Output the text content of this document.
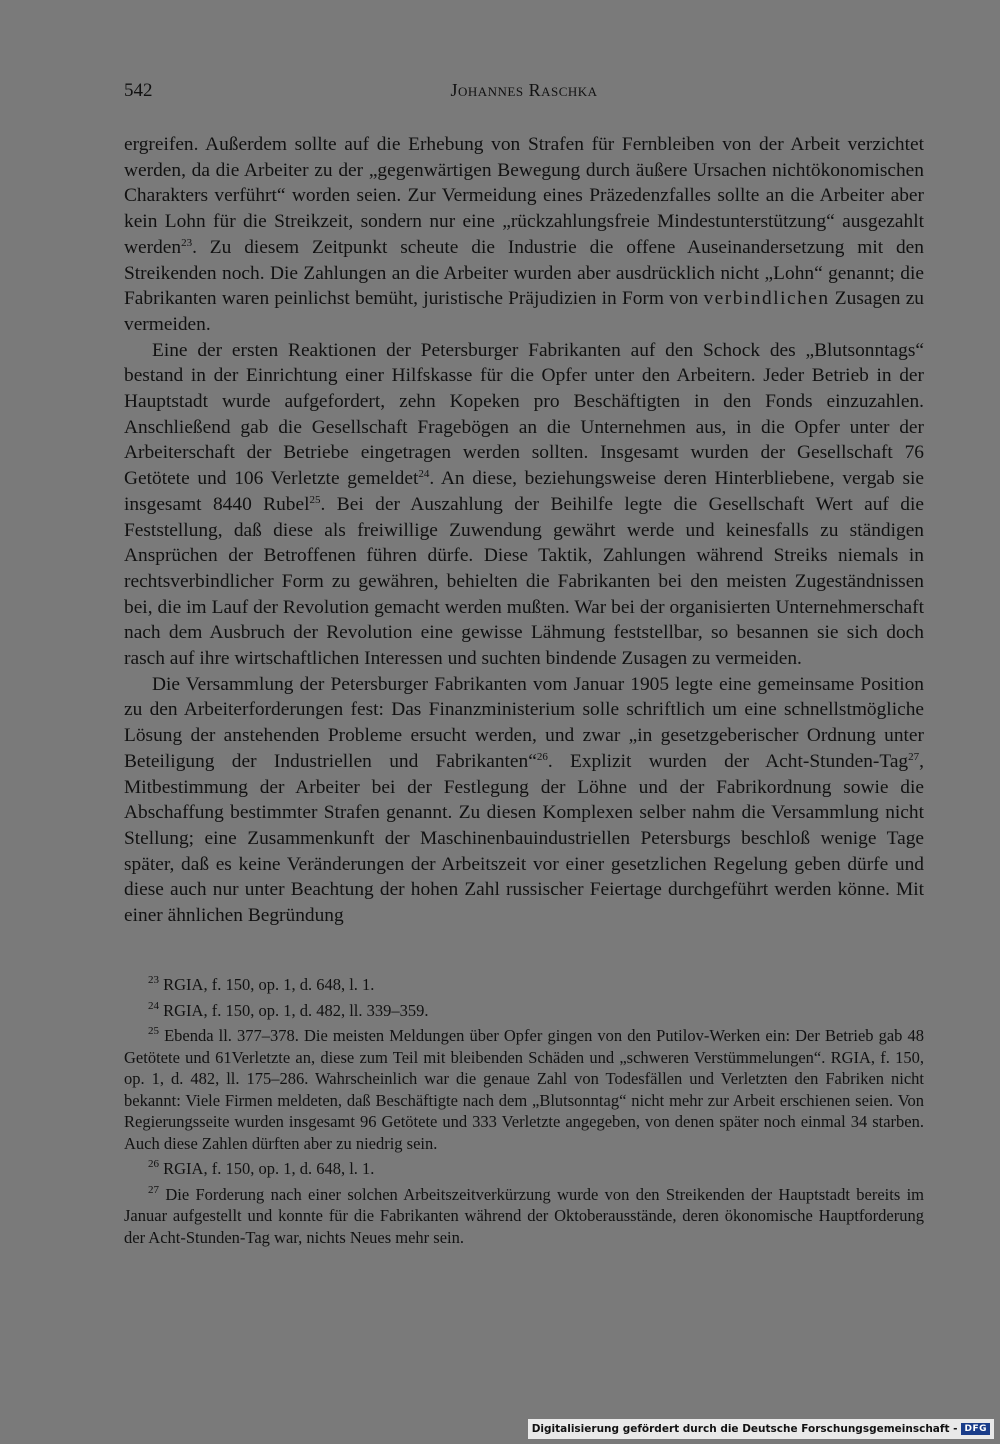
542	Johannes Raschka

ergreifen. Außerdem sollte auf die Erhebung von Strafen für Fernbleiben von der Arbeit verzichtet werden, da die Arbeiter zu der „gegenwärtigen Bewegung durch äußere Ursachen nichtökonomischen Charakters verführt“ worden seien. Zur Vermeidung eines Präzedenzfalles sollte an die Arbeiter aber kein Lohn für die Streikzeit, sondern nur eine „rückzahlungsfreie Mindestunterstützung“ ausgezahlt werden$^{23}$. Zu diesem Zeitpunkt scheute die Industrie die offene Auseinandersetzung mit den Streikenden noch. Die Zahlungen an die Arbeiter wurden aber ausdrücklich nicht „Lohn“ genannt; die Fabrikanten waren peinlichst bemüht, juristische Präjudizien in Form von verbindlichen Zusagen zu vermeiden.

Eine der ersten Reaktionen der Petersburger Fabrikanten auf den Schock des „Blutsonntags“ bestand in der Einrichtung einer Hilfskasse für die Opfer unter den Arbeitern. Jeder Betrieb in der Hauptstadt wurde aufgefordert, zehn Kopeken pro Beschäftigten in den Fonds einzuzahlen. Anschließend gab die Gesellschaft Fragebögen an die Unternehmen aus, in die Opfer unter der Arbeiterschaft der Betriebe eingetragen werden sollten. Insgesamt wurden der Gesellschaft 76 Getötete und 106 Verletzte gemeldet$^{24}$. An diese, beziehungsweise deren Hinterbliebene, vergab sie insgesamt 8440 Rubel$^{25}$. Bei der Auszahlung der Beihilfe legte die Gesellschaft Wert auf die Feststellung, daß diese als freiwillige Zuwendung gewährt werde und keinesfalls zu ständigen Ansprüchen der Betroffenen führen dürfe. Diese Taktik, Zahlungen während Streiks niemals in rechtsverbindlicher Form zu gewähren, behielten die Fabrikanten bei den meisten Zugeständnissen bei, die im Lauf der Revolution gemacht werden mußten. War bei der organisierten Unternehmerschaft nach dem Ausbruch der Revolution eine gewisse Lähmung feststellbar, so besannen sie sich doch rasch auf ihre wirtschaftlichen Interessen und suchten bindende Zusagen zu vermeiden.

Die Versammlung der Petersburger Fabrikanten vom Januar 1905 legte eine gemeinsame Position zu den Arbeiterforderungen fest: Das Finanzministerium solle schriftlich um eine schnellstmögliche Lösung der anstehenden Probleme ersucht werden, und zwar „in gesetzgeberischer Ordnung unter Beteiligung der Industriellen und Fabrikanten“$^{26}$. Explizit wurden der Acht-Stunden-Tag$^{27}$, Mitbestimmung der Arbeiter bei der Festlegung der Löhne und der Fabrikordnung sowie die Abschaffung bestimmter Strafen genannt. Zu diesen Komplexen selber nahm die Versammlung nicht Stellung; eine Zusammenkunft der Maschinenbauindustriellen Petersburgs beschloß wenige Tage später, daß es keine Veränderungen der Arbeitszeit vor einer gesetzlichen Regelung geben dürfe und diese auch nur unter Beachtung der hohen Zahl russischer Feiertage durchgeführt werden könne. Mit einer ähnlichen Begründung

$^{23}$ RGIA, f. 150, op. 1, d. 648, l. 1.

$^{24}$ RGIA, f. 150, op. 1, d. 482, ll. 339–359.

$^{25}$ Ebenda ll. 377–378. Die meisten Meldungen über Opfer gingen von den Putilov-Werken ein: Der Betrieb gab 48 Getötete und 61Verletzte an, diese zum Teil mit bleibenden Schäden und „schweren Verstümmelungen“. RGIA, f. 150, op. 1, d. 482, ll. 175–286. Wahrscheinlich war die genaue Zahl von Todesfällen und Verletzten den Fabriken nicht bekannt: Viele Firmen meldeten, daß Beschäftigte nach dem „Blutsonntag“ nicht mehr zur Arbeit erschienen seien. Von Regierungsseite wurden insgesamt 96 Getötete und 333 Verletzte angegeben, von denen später noch einmal 34 starben. Auch diese Zahlen dürften aber zu niedrig sein.

$^{26}$ RGIA, f. 150, op. 1, d. 648, l. 1.

$^{27}$ Die Forderung nach einer solchen Arbeitszeitverkürzung wurde von den Streikenden der Hauptstadt bereits im Januar aufgestellt und konnte für die Fabrikanten während der Oktoberausstände, deren ökonomische Hauptforderung der Acht-Stunden-Tag war, nichts Neues mehr sein.

Digitalisierung gefördert durch die Deutsche Forschungsgemeinschaft - DFG
